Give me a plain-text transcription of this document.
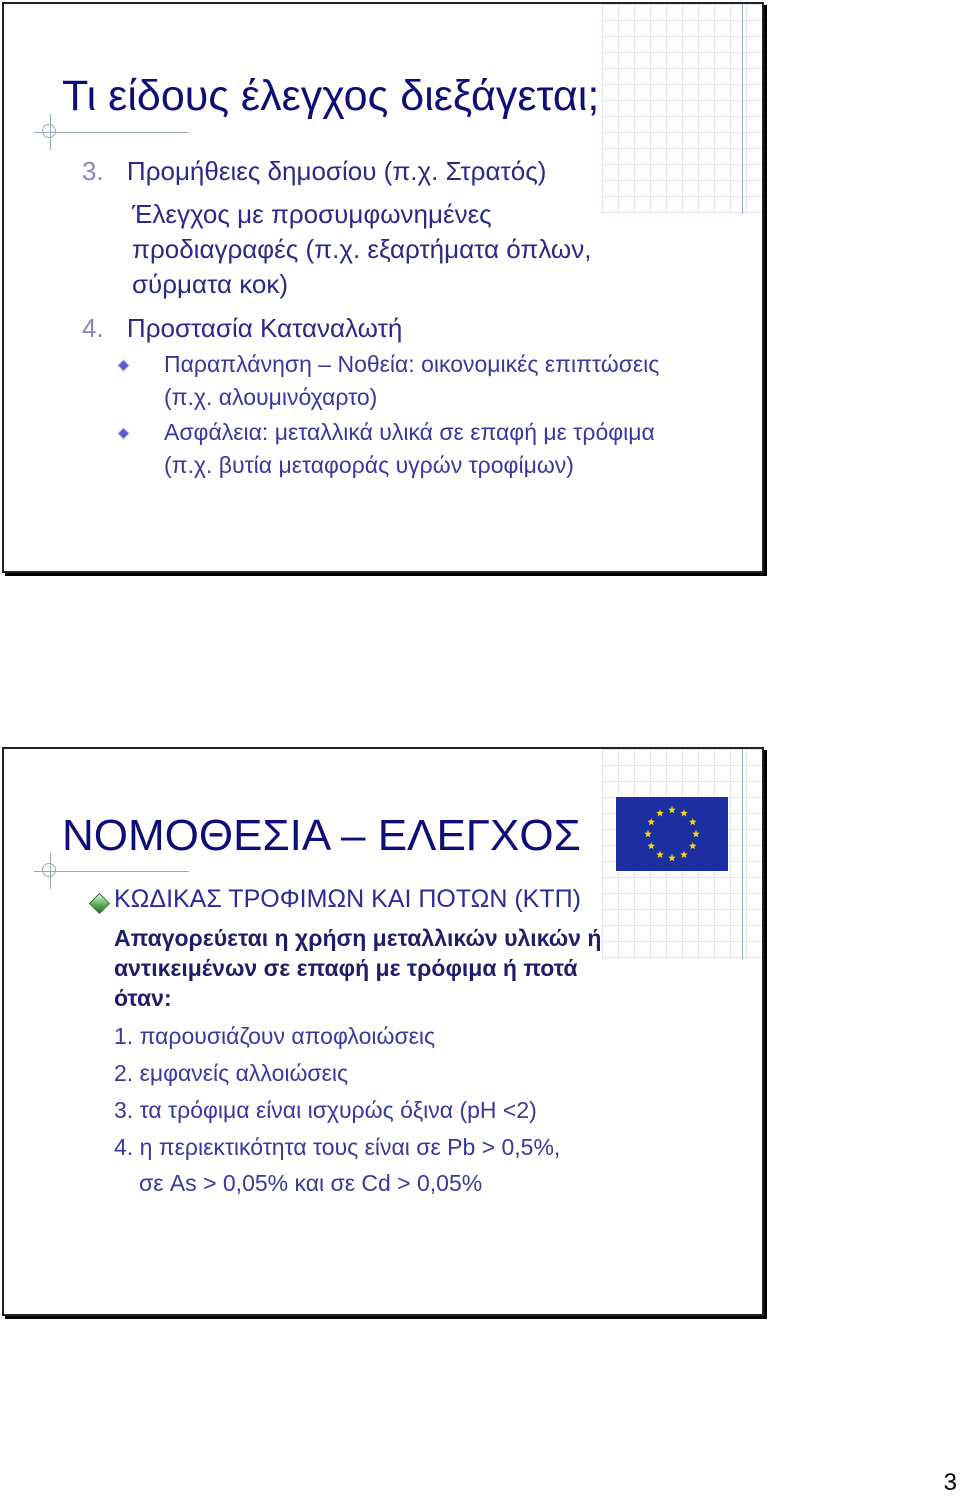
Τι είδους έλεγχος διεξάγεται;
3. Προμήθειες δημοσίου (π.χ. Στρατός)
Έλεγχος με προσυμφωνημένες
προδιαγραφές (π.χ. εξαρτήματα όπλων,
σύρματα κοκ)
4. Προστασία Καταναλωτή
Παραπλάνηση – Νοθεία: οικονομικές επιπτώσεις
(π.χ. αλουμινόχαρτο)
Ασφάλεια: μεταλλικά υλικά σε επαφή με τρόφιμα
(π.χ. βυτία μεταφοράς υγρών τροφίμων)
ΝΟΜΟΘΕΣΙΑ – ΕΛΕΓΧΟΣ
ΚΩΔΙΚΑΣ ΤΡΟΦΙΜΩΝ ΚΑΙ ΠΟΤΩΝ (ΚΤΠ)
Απαγορεύεται η χρήση μεταλλικών υλικών ή
αντικειμένων σε επαφή με τρόφιμα ή ποτά
όταν:
1. παρουσιάζουν αποφλοιώσεις
2. εμφανείς αλλοιώσεις
3. τα τρόφιμα είναι ισχυρώς όξινα (pH <2)
4. η περιεκτικότητα τους είναι σε Pb > 0,5%,
σε As > 0,05% και σε Cd > 0,05%
3
